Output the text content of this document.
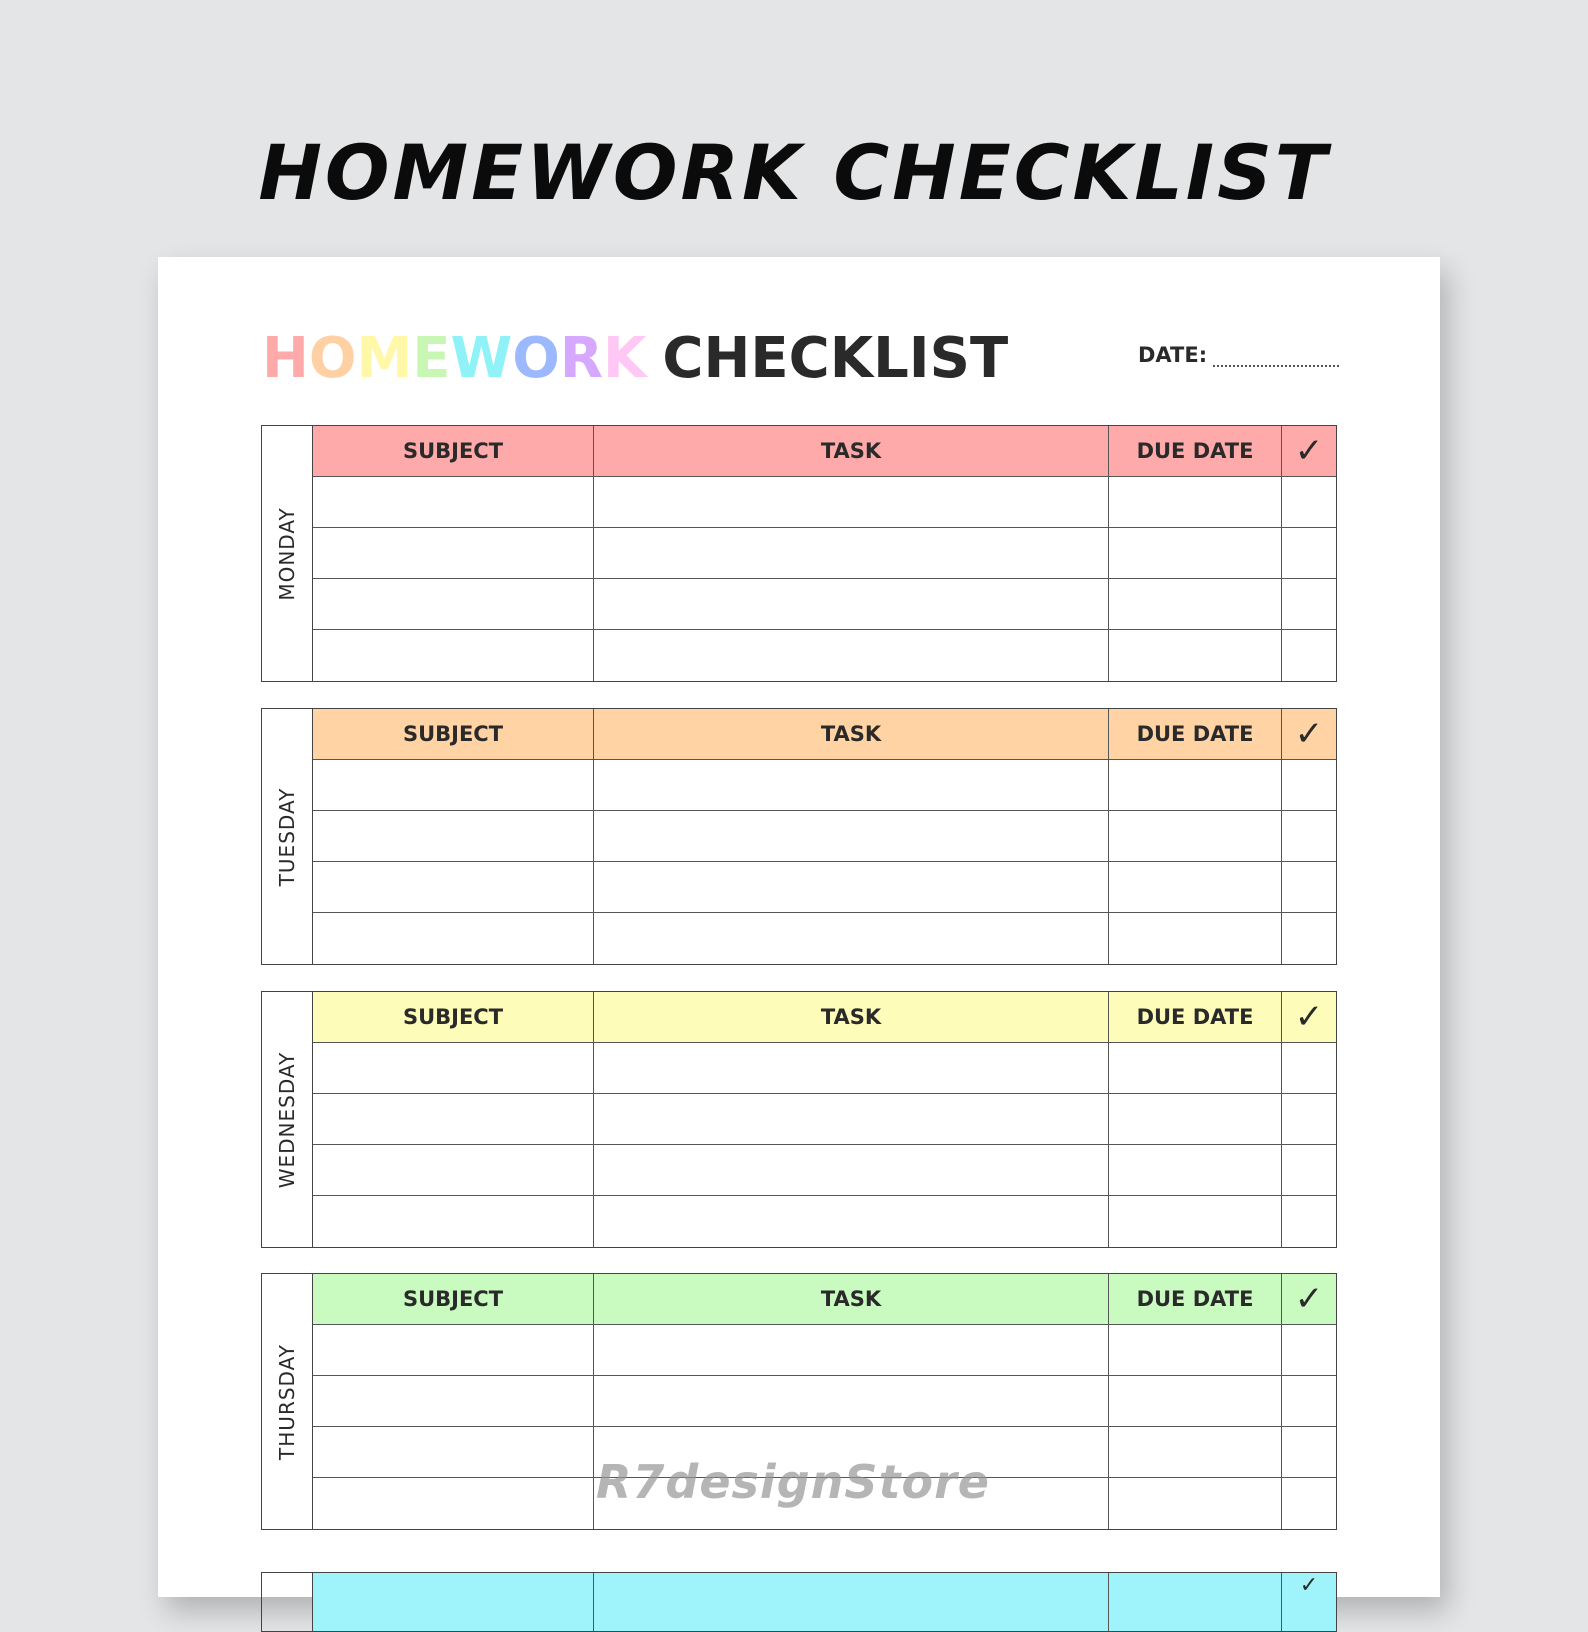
HOMEWORK CHECKLIST
HOMEWORK CHECKLIST	DATE:
MONDAY
SUBJECT	TASK	DUE DATE	✓
TUESDAY
SUBJECT	TASK	DUE DATE	✓
WEDNESDAY
SUBJECT	TASK	DUE DATE	✓
THURSDAY
SUBJECT	TASK	DUE DATE	✓
✓
R7designStore
